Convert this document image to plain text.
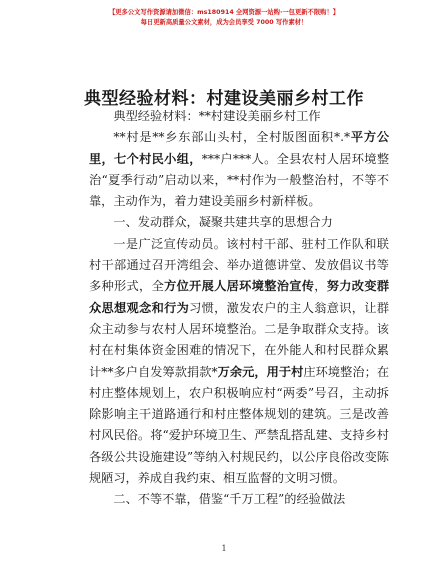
【更多公文写作资源请加微信：ms180914 全网资源一站购·一包更新不限购！】
每日更新高质量公文素材，成为会员享受 7000 写作素材！
典型经验材料：村建设美丽乡村工作

典型经验材料：**村建设美丽乡村工作

**村是**乡东部山头村，全村版图面积*.*平方公里，七个村民小组，***户***人。全县农村人居环境整治“夏季行动”启动以来，**村作为一般整治村，不等不靠，主动作为，着力建设美丽乡村新样板。

一、发动群众，凝聚共建共享的思想合力

一是广泛宣传动员。该村村干部、驻村工作队和联村干部通过召开湾组会、举办道德讲堂、发放倡议书等多种形式，全方位开展人居环境整治宣传，努力改变群众思想观念和行为习惯，激发农户的主人翁意识，让群众主动参与农村人居环境整治。二是争取群众支持。该村在村集体资金困难的情况下，在外能人和村民群众累计**多户自发筹款捐款*万余元，用于村庄环境整治；在村庄整体规划上，农户积极响应村“两委”号召，主动拆除影响主干道路通行和村庄整体规划的建筑。三是改善村风民俗。将“爱护环境卫生、严禁乱搭乱建、支持乡村各级公共设施建设”等纳入村规民约，以公序良俗改变陈规陋习，养成自我约束、相互监督的文明习惯。

二、不等不靠，借鉴“千万工程”的经验做法

1
